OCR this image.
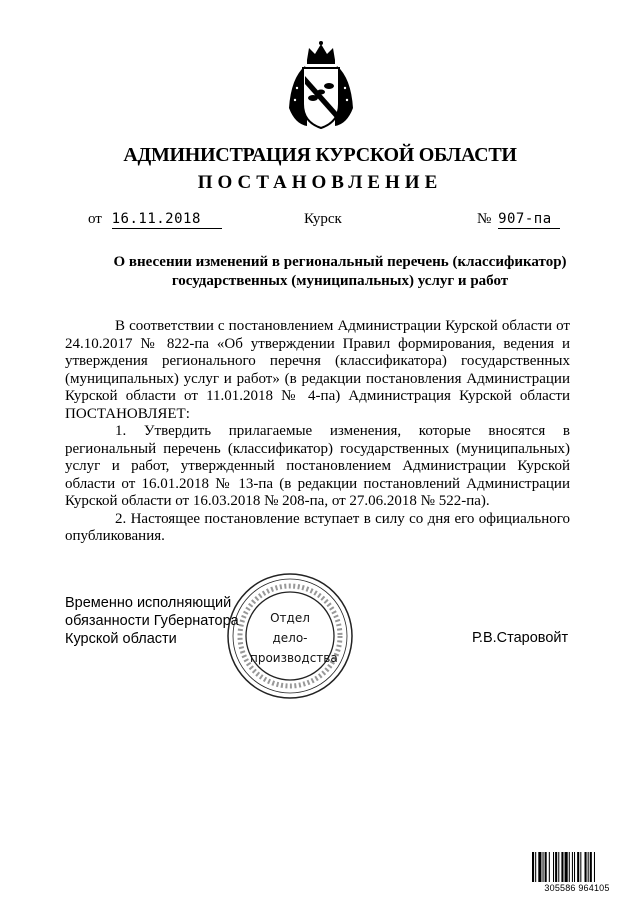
АДМИНИСТРАЦИЯ КУРСКОЙ ОБЛАСТИ
ПОСТАНОВЛЕНИЕ
от 16.11.2018	Курск	№ 907-па
О внесении изменений в региональный перечень (классификатор) государственных (муниципальных) услуг и работ

В соответствии с постановлением Администрации Курской области от 24.10.2017 № 822-па «Об утверждении Правил формирования, ведения и утверждения регионального перечня (классификатора) государственных (муниципальных) услуг и работ» (в редакции постановления Администрации Курской области от 11.01.2018 № 4-па) Администрация Курской области ПОСТАНОВЛЯЕТ:

1. Утвердить прилагаемые изменения, которые вносятся в региональный перечень (классификатор) государственных (муниципальных) услуг и работ, утвержденный постановлением Администрации Курской области от 16.01.2018 № 13-па (в редакции постановлений Администрации Курской области от 16.03.2018 № 208-па, от 27.06.2018 № 522-па).

2. Настоящее постановление вступает в силу со дня его официального опубликования.

Временно исполняющий
обязанности Губернатора
Курской области
Отдел
дело-
производства
Р.В.Старовойт
305586 964105
